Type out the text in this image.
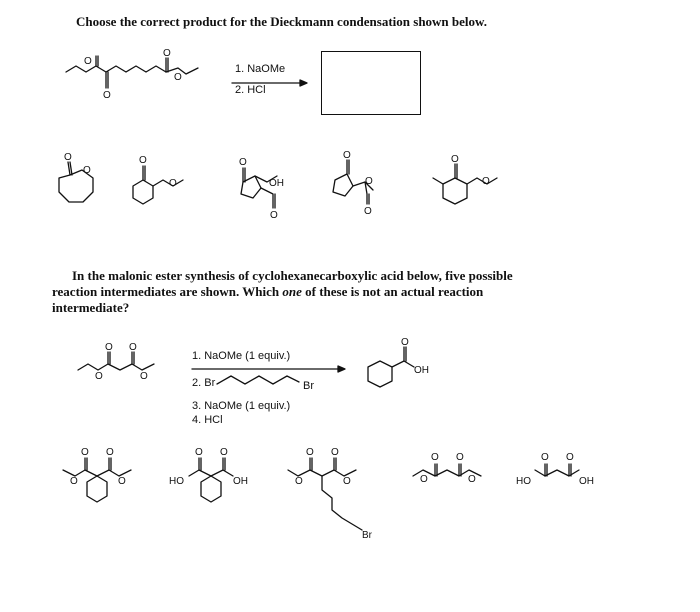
Choose the correct product for the Dieckmann condensation shown below.

O
O
O
O
1. NaOMe
2. HCl
O
O
O
O
O
OH
O
O
O
O
O
O

In the malonic ester synthesis of cyclohexanecarboxylic acid below, five possible
reaction intermediates are shown. Which one of these is not an actual reaction
intermediate?

O
O O
O
1. NaOMe (1 equiv.)
2. Br	Br
3. NaOMe (1 equiv.)
4. HCl
O
OH
O
O
O
O
O
HO
O
OH	O
O O
O
Br
O
O O
O
O
HO
O
OH
